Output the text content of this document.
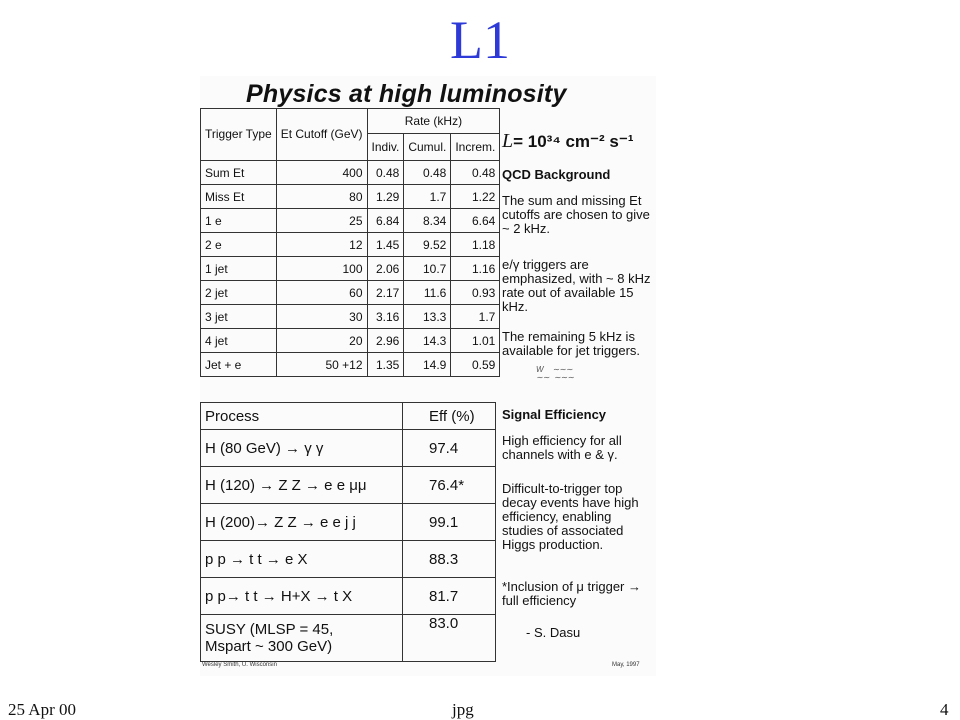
L1
Physics at high luminosity
Trigger Type	Et Cutoff (GeV)	Rate (kHz)		
		Indiv.	Cumul.	Increm.
Sum Et	400	0.48	0.48	0.48
Miss Et	80	1.29	1.7	1.22
1 e	25	6.84	8.34	6.64
2 e	12	1.45	9.52	1.18
1 jet	100	2.06	10.7	1.16
2 jet	60	2.17	11.6	0.93
3 jet	30	3.16	13.3	1.7
4 jet	20	2.96	14.3	1.01
Jet + e	50 +12	1.35	14.9	0.59
Process	Eff (%)

H (80 GeV) → γ γ	97.4

H (120) → Z Z → e e μμ	76.4*

H (200)→ Z Z → e e j j	99.1

p p → t t → e X	88.3

p p→ t t → H+X → t X	81.7

SUSY (MLSP = 45,
Mspart ~ 300 GeV)	83.0
L= 10³⁴ cm⁻² s⁻¹
QCD Background
The sum and missing Et cutoffs are chosen to give ~ 2 kHz.
e/γ triggers are emphasized, with ~ 8 kHz rate out of available 15 kHz.
The remaining 5 kHz is available for jet triggers.
W    ∼∼∼
∼∼  ∼∼∼
Signal Efficiency
High efficiency for all channels with e & γ.
Difficult-to-trigger top decay events have high efficiency, enabling studies of associated Higgs production.
*Inclusion of μ trigger → full efficiency
- S. Dasu
Wesley Smith, U. Wisconsin	May, 1997
25 Apr 00	jpg	4
